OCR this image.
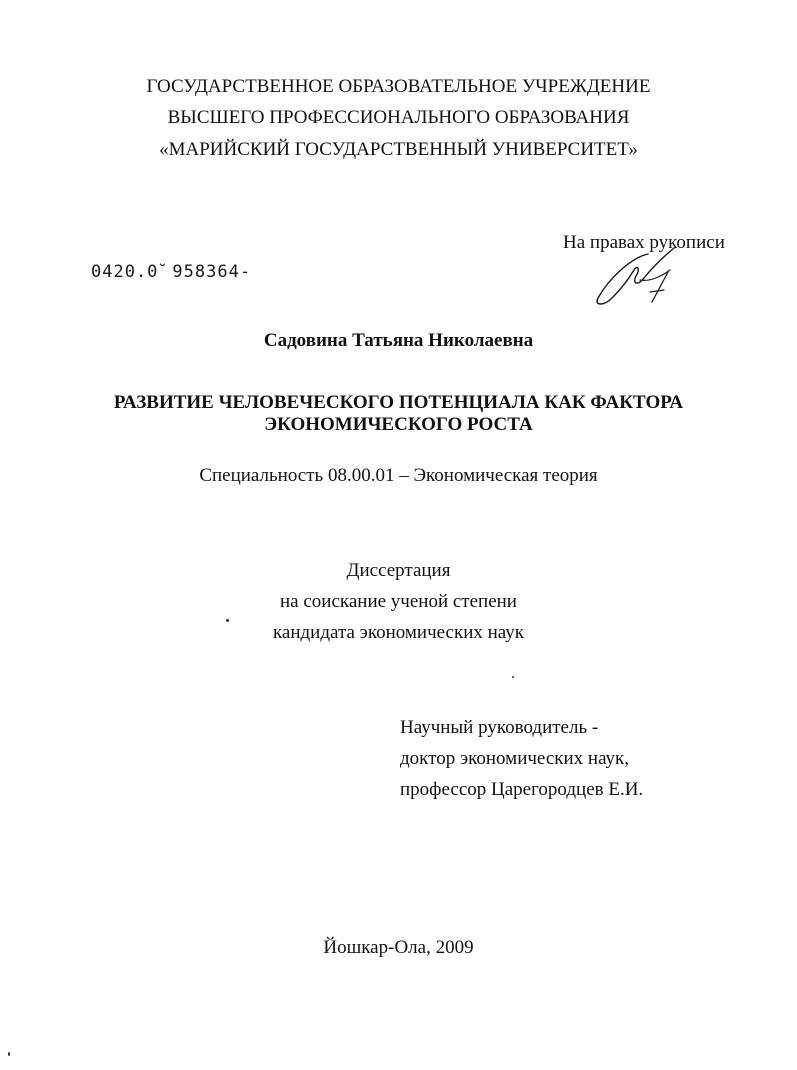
ГОСУДАРСТВЕННОЕ ОБРАЗОВАТЕЛЬНОЕ УЧРЕЖДЕНИЕ
ВЫСШЕГО ПРОФЕССИОНАЛЬНОГО ОБРАЗОВАНИЯ
«МАРИЙСКИЙ ГОСУДАРСТВЕННЫЙ УНИВЕРСИТЕТ»
На правах рукописи
0420.0̆ 958364-
Садовина Татьяна Николаевна
РАЗВИТИЕ ЧЕЛОВЕЧЕСКОГО ПОТЕНЦИАЛА КАК ФАКТОРА
ЭКОНОМИЧЕСКОГО РОСТА
Специальность 08.00.01 – Экономическая теория
Диссертация
на соискание ученой степени
кандидата экономических наук
Научный руководитель -
доктор экономических наук,
профессор Царегородцев Е.И.
Йошкар-Ола, 2009
